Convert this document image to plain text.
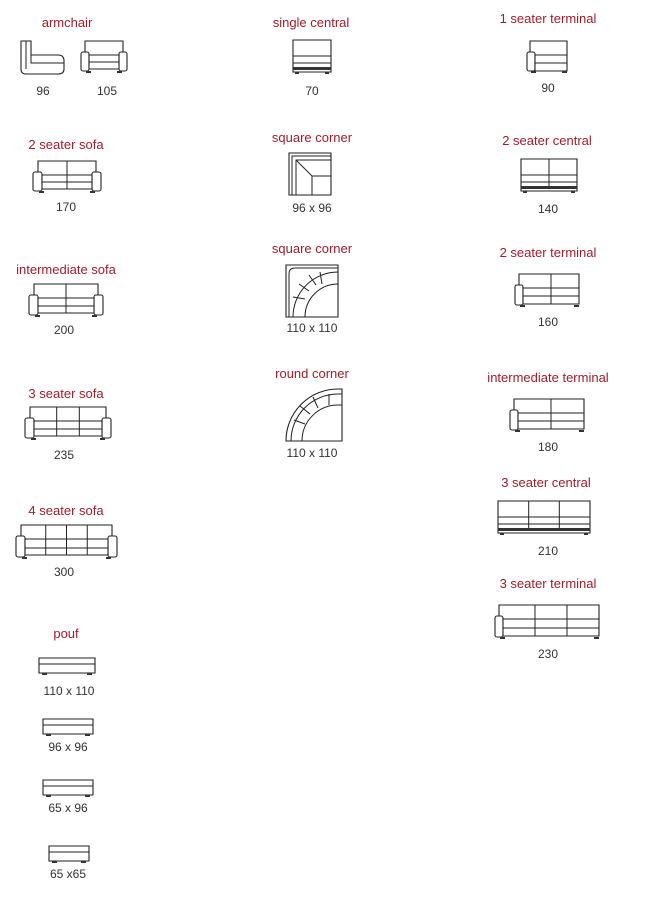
armchair
96	105
2 seater sofa
170
intermediate sofa
200
3 seater sofa
235
4 seater sofa
300
pouf
110 x 110
96 x 96
65 x 96
65 x65
single central
70
square corner
96 x 96
square corner
110 x 110
round corner
110 x 110
1 seater terminal
90
2 seater central
140
2 seater terminal
160
intermediate terminal
180
3 seater central
210
3 seater terminal
230
